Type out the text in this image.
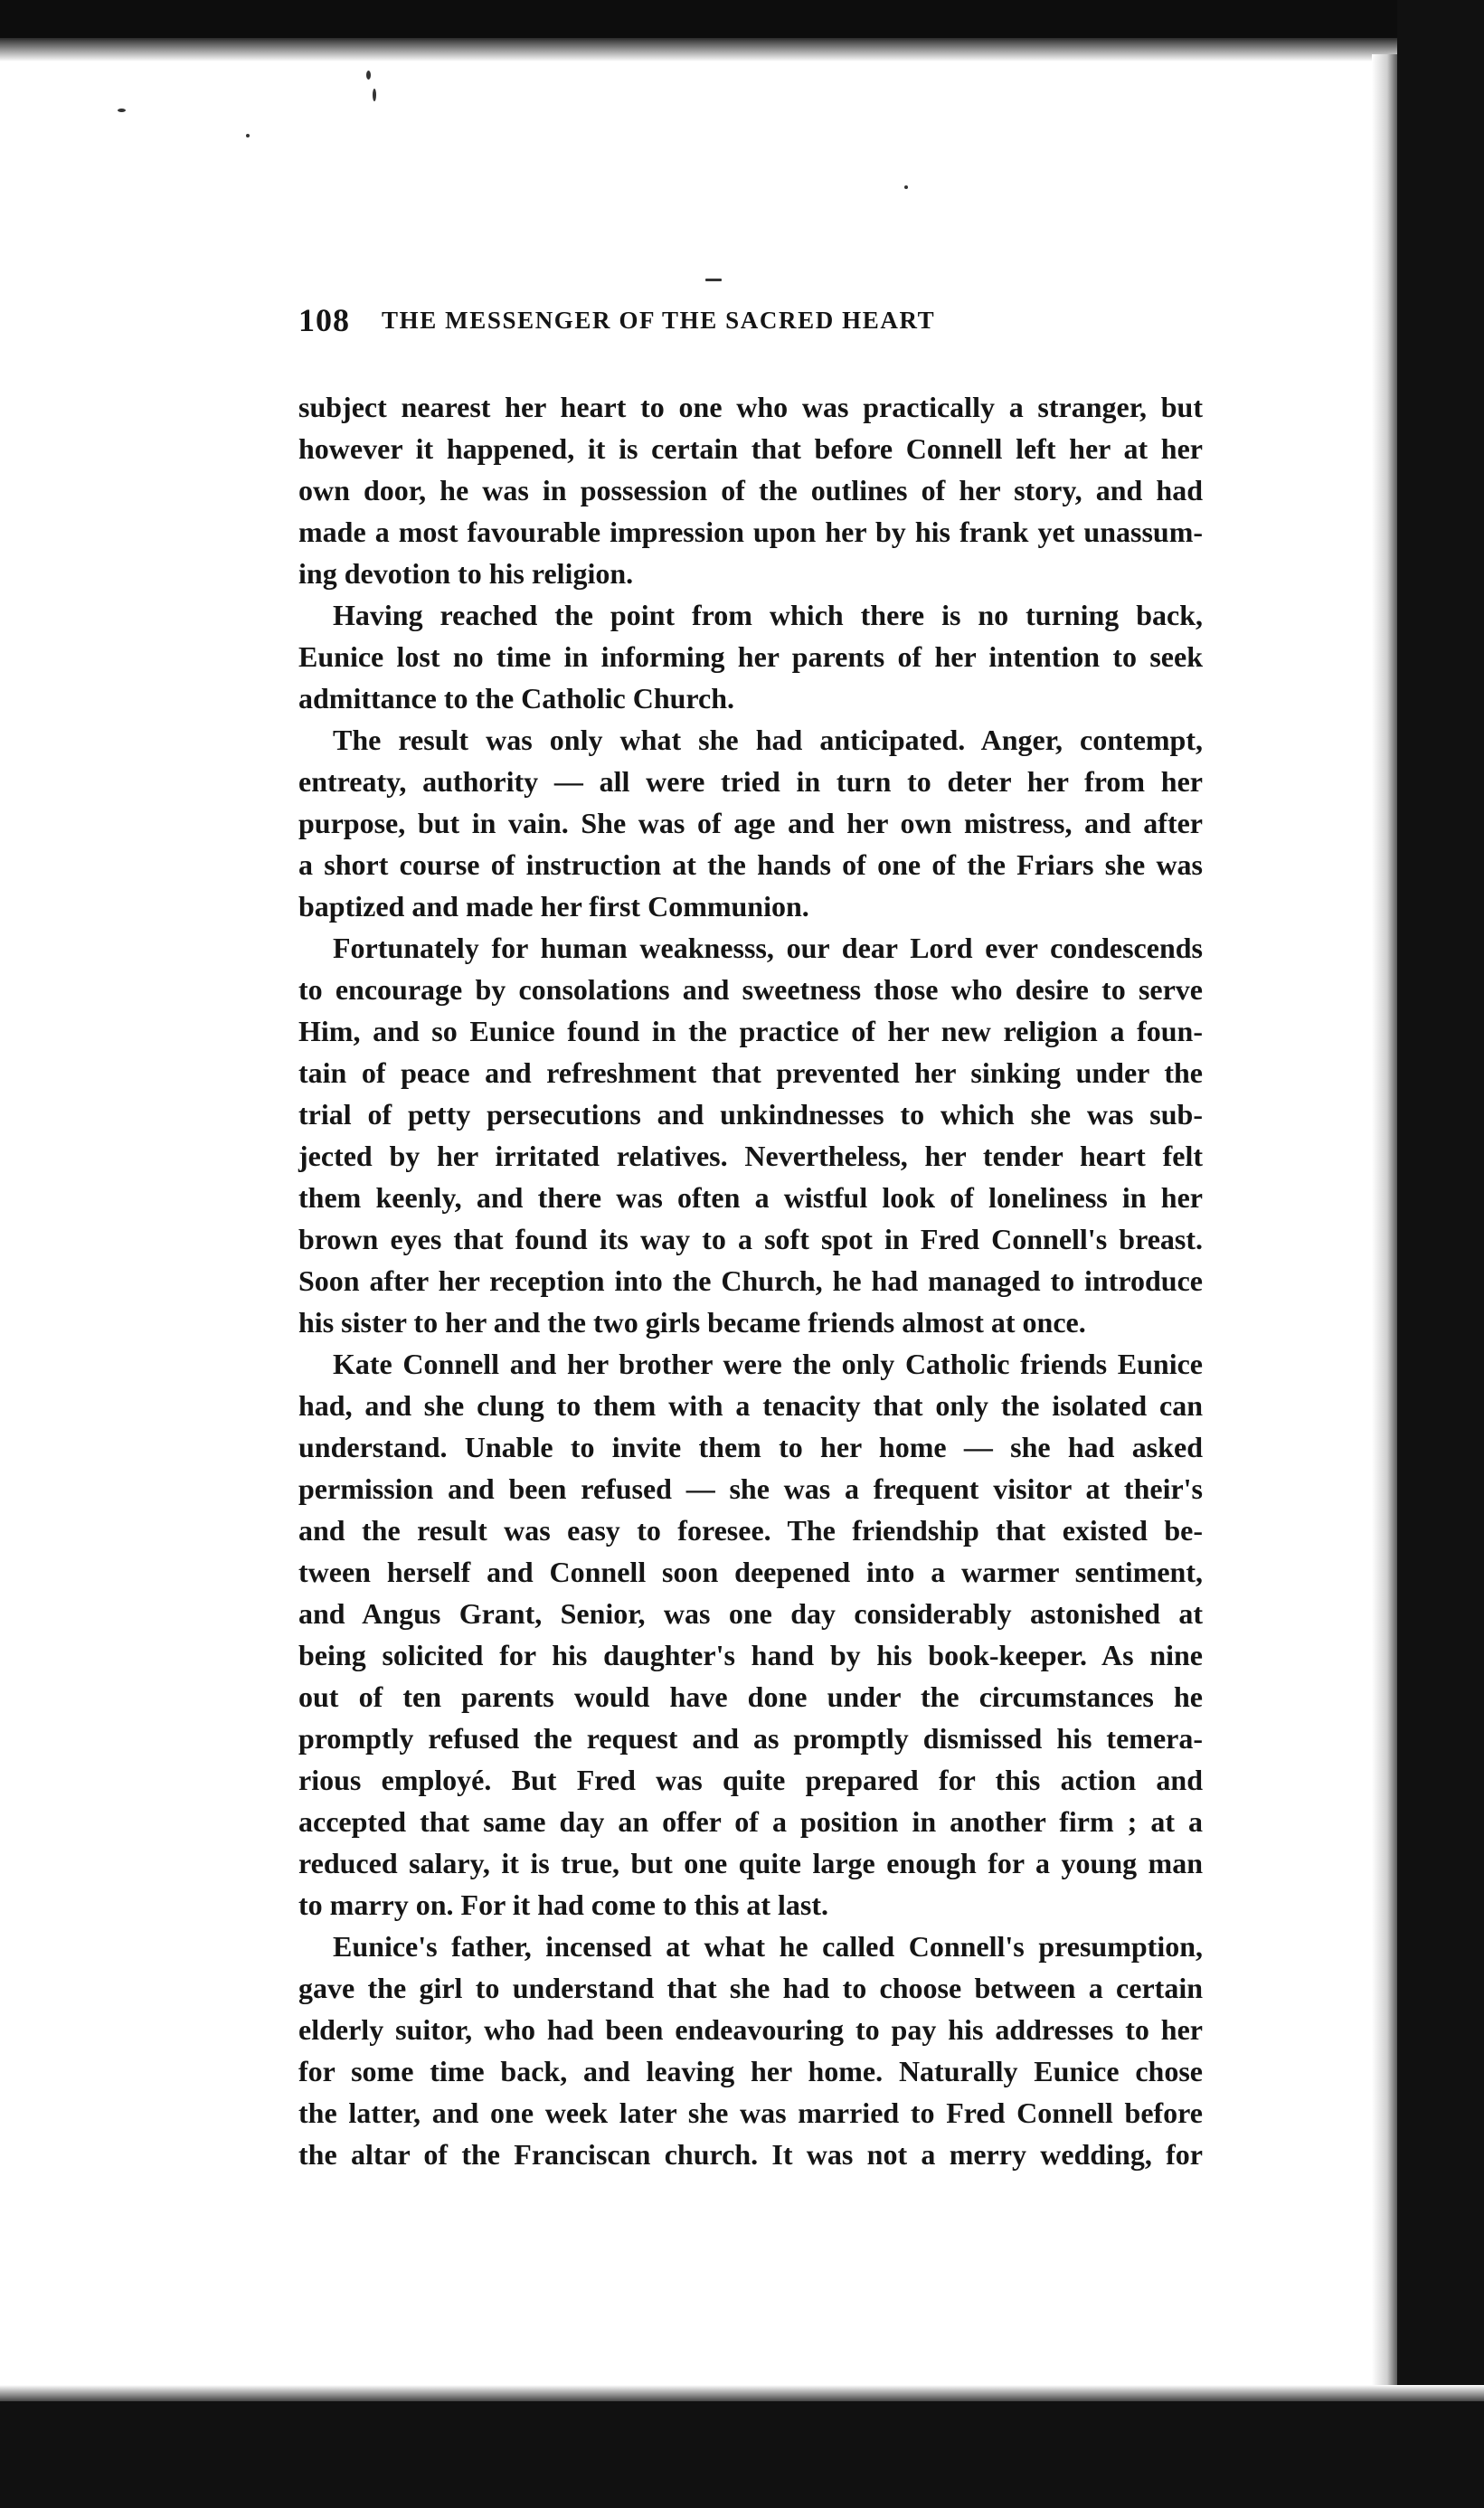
108 THE MESSENGER OF THE SACRED HEART

subject nearest her heart to one who was practically a stranger, but
however it happened, it is certain that before Connell left her at her
own door, he was in possession of the outlines of her story, and had
made a most favourable impression upon her by his frank yet unassum-
ing devotion to his religion.

Having reached the point from which there is no turning back,
Eunice lost no time in informing her parents of her intention to seek
admittance to the Catholic Church.

The result was only what she had anticipated. Anger, contempt,
entreaty, authority — all were tried in turn to deter her from her
purpose, but in vain. She was of age and her own mistress, and after
a short course of instruction at the hands of one of the Friars she was
baptized and made her first Communion.

Fortunately for human weaknesss, our dear Lord ever condescends
to encourage by consolations and sweetness those who desire to serve
Him, and so Eunice found in the practice of her new religion a foun-
tain of peace and refreshment that prevented her sinking under the
trial of petty persecutions and unkindnesses to which she was sub-
jected by her irritated relatives. Nevertheless, her tender heart felt
them keenly, and there was often a wistful look of loneliness in her
brown eyes that found its way to a soft spot in Fred Connell's breast.
Soon after her reception into the Church, he had managed to introduce
his sister to her and the two girls became friends almost at once.

Kate Connell and her brother were the only Catholic friends Eunice
had, and she clung to them with a tenacity that only the isolated can
understand. Unable to invite them to her home — she had asked
permission and been refused — she was a frequent visitor at their's
and the result was easy to foresee. The friendship that existed be-
tween herself and Connell soon deepened into a warmer sentiment,
and Angus Grant, Senior, was one day considerably astonished at
being solicited for his daughter's hand by his book-keeper. As nine
out of ten parents would have done under the circumstances he
promptly refused the request and as promptly dismissed his temera-
rious employé. But Fred was quite prepared for this action and
accepted that same day an offer of a position in another firm ; at a
reduced salary, it is true, but one quite large enough for a young man
to marry on. For it had come to this at last.

Eunice's father, incensed at what he called Connell's presumption,
gave the girl to understand that she had to choose between a certain
elderly suitor, who had been endeavouring to pay his addresses to her
for some time back, and leaving her home. Naturally Eunice chose
the latter, and one week later she was married to Fred Connell before
the altar of the Franciscan church. It was not a merry wedding, for
